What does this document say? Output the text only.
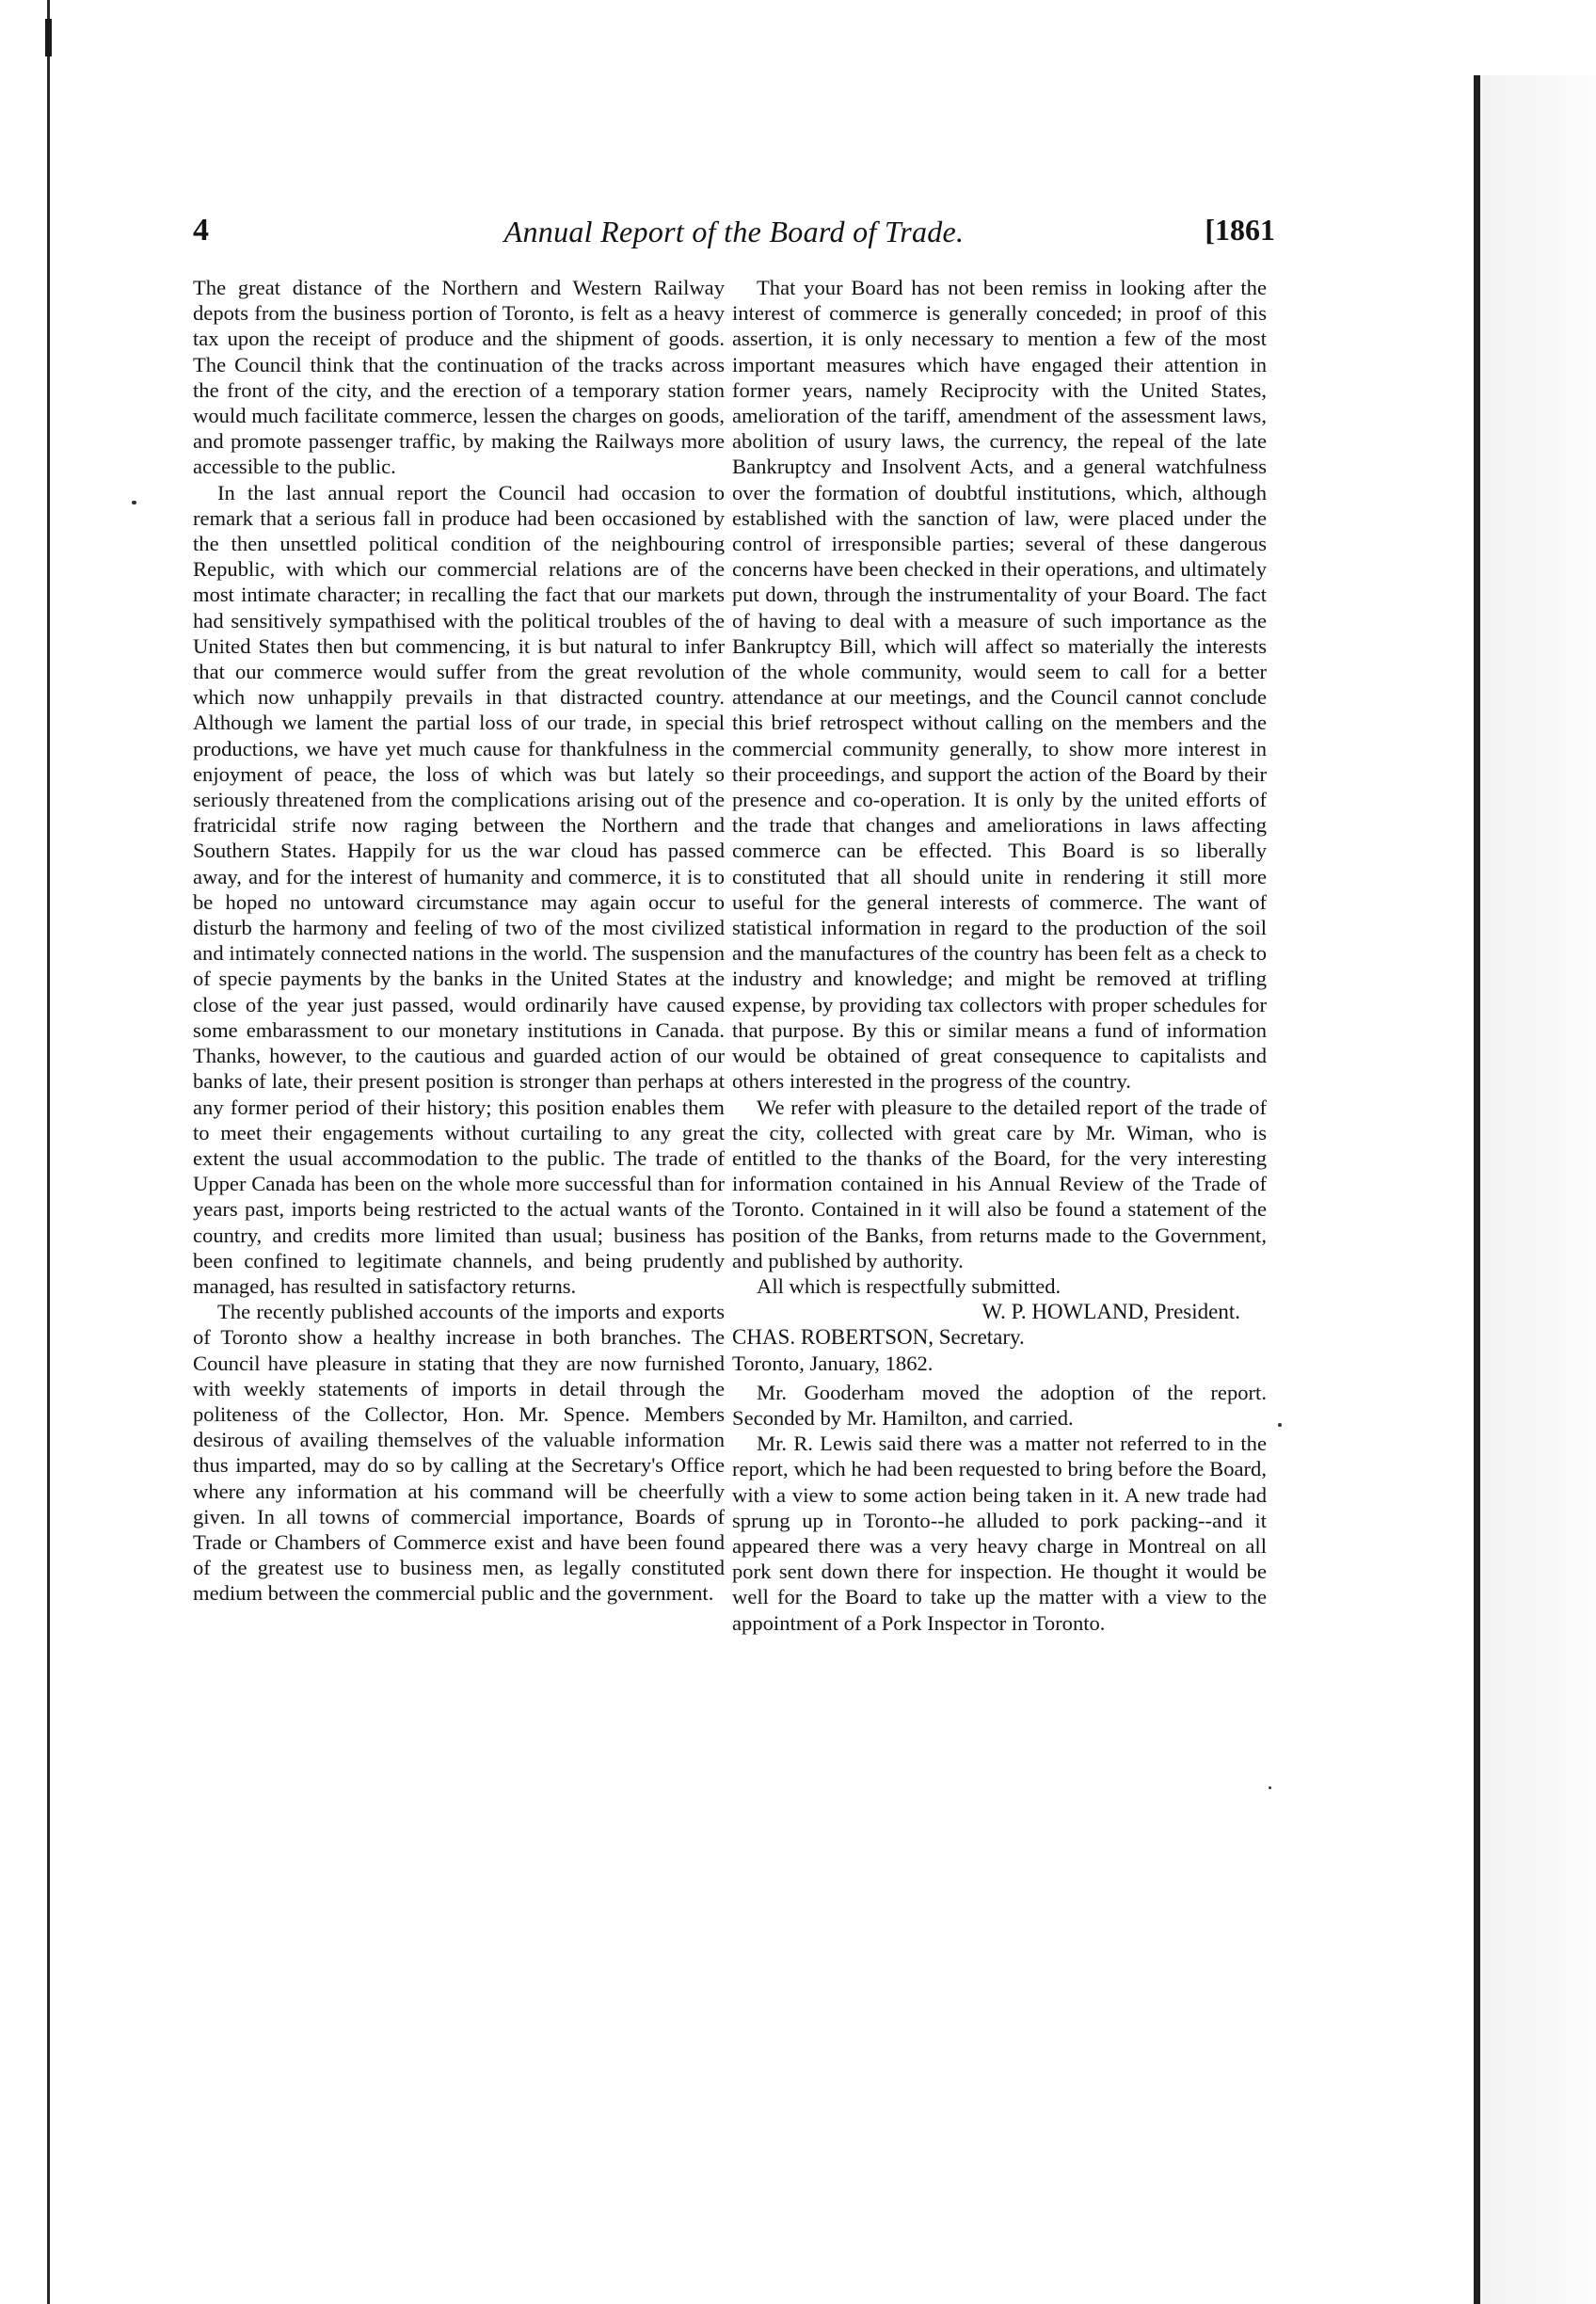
4	Annual Report of the Board of Trade.	[1861

The great distance of the Northern and Western Railway depots from the business portion of Toronto, is felt as a heavy tax upon the receipt of produce and the shipment of goods. The Council think that the continuation of the tracks across the front of the city, and the erection of a temporary station would much facilitate commerce, lessen the charges on goods, and promote passenger traffic, by making the Railways more accessible to the public.

In the last annual report the Council had occasion to remark that a serious fall in produce had been occasioned by the then unsettled political condition of the neighbouring Republic, with which our commercial relations are of the most intimate character; in recalling the fact that our markets had sensitively sympathised with the political troubles of the United States then but commencing, it is but natural to infer that our commerce would suffer from the great revolution which now unhappily prevails in that distracted country. Although we lament the partial loss of our trade, in special productions, we have yet much cause for thankfulness in the enjoyment of peace, the loss of which was but lately so seriously threatened from the complications arising out of the fratricidal strife now raging between the Northern and Southern States. Happily for us the war cloud has passed away, and for the interest of humanity and commerce, it is to be hoped no untoward circumstance may again occur to disturb the harmony and feeling of two of the most civilized and intimately connected nations in the world. The suspension of specie payments by the banks in the United States at the close of the year just passed, would ordinarily have caused some embarassment to our monetary institutions in Canada. Thanks, however, to the cautious and guarded action of our banks of late, their present position is stronger than perhaps at any former period of their history; this position enables them to meet their engagements without curtailing to any great extent the usual accommodation to the public. The trade of Upper Canada has been on the whole more successful than for years past, imports being restricted to the actual wants of the country, and credits more limited than usual; business has been confined to legitimate channels, and being prudently managed, has resulted in satisfactory returns.

The recently published accounts of the imports and exports of Toronto show a healthy increase in both branches. The Council have pleasure in stating that they are now furnished with weekly statements of imports in detail through the politeness of the Collector, Hon. Mr. Spence. Members desirous of availing themselves of the valuable information thus imparted, may do so by calling at the Secretary's Office where any information at his command will be cheerfully given. In all towns of commercial importance, Boards of Trade or Chambers of Commerce exist and have been found of the greatest use to business men, as legally constituted medium between the commercial public and the government.

That your Board has not been remiss in looking after the interest of commerce is generally conceded; in proof of this assertion, it is only necessary to mention a few of the most important measures which have engaged their attention in former years, namely Reciprocity with the United States, amelioration of the tariff, amendment of the assessment laws, abolition of usury laws, the currency, the repeal of the late Bankruptcy and Insolvent Acts, and a general watchfulness over the formation of doubtful institutions, which, although established with the sanction of law, were placed under the control of irresponsible parties; several of these dangerous concerns have been checked in their operations, and ultimately put down, through the instrumentality of your Board. The fact of having to deal with a measure of such importance as the Bankruptcy Bill, which will affect so materially the interests of the whole community, would seem to call for a better attendance at our meetings, and the Council cannot conclude this brief retrospect without calling on the members and the commercial community generally, to show more interest in their proceedings, and support the action of the Board by their presence and co-operation. It is only by the united efforts of the trade that changes and ameliorations in laws affecting commerce can be effected. This Board is so liberally constituted that all should unite in rendering it still more useful for the general interests of commerce. The want of statistical information in regard to the production of the soil and the manufactures of the country has been felt as a check to industry and knowledge; and might be removed at trifling expense, by providing tax collectors with proper schedules for that purpose. By this or similar means a fund of information would be obtained of great consequence to capitalists and others interested in the progress of the country.

We refer with pleasure to the detailed report of the trade of the city, collected with great care by Mr. Wiman, who is entitled to the thanks of the Board, for the very interesting information contained in his Annual Review of the Trade of Toronto. Contained in it will also be found a statement of the position of the Banks, from returns made to the Government, and published by authority.

All which is respectfully submitted.

W. P. HOWLAND, President.

CHAS. ROBERTSON, Secretary.

Toronto, January, 1862.

Mr. Gooderham moved the adoption of the report. Seconded by Mr. Hamilton, and carried.

Mr. R. Lewis said there was a matter not referred to in the report, which he had been requested to bring before the Board, with a view to some action being taken in it. A new trade had sprung up in Toronto--he alluded to pork packing--and it appeared there was a very heavy charge in Montreal on all pork sent down there for inspection. He thought it would be well for the Board to take up the matter with a view to the appointment of a Pork Inspector in Toronto.
